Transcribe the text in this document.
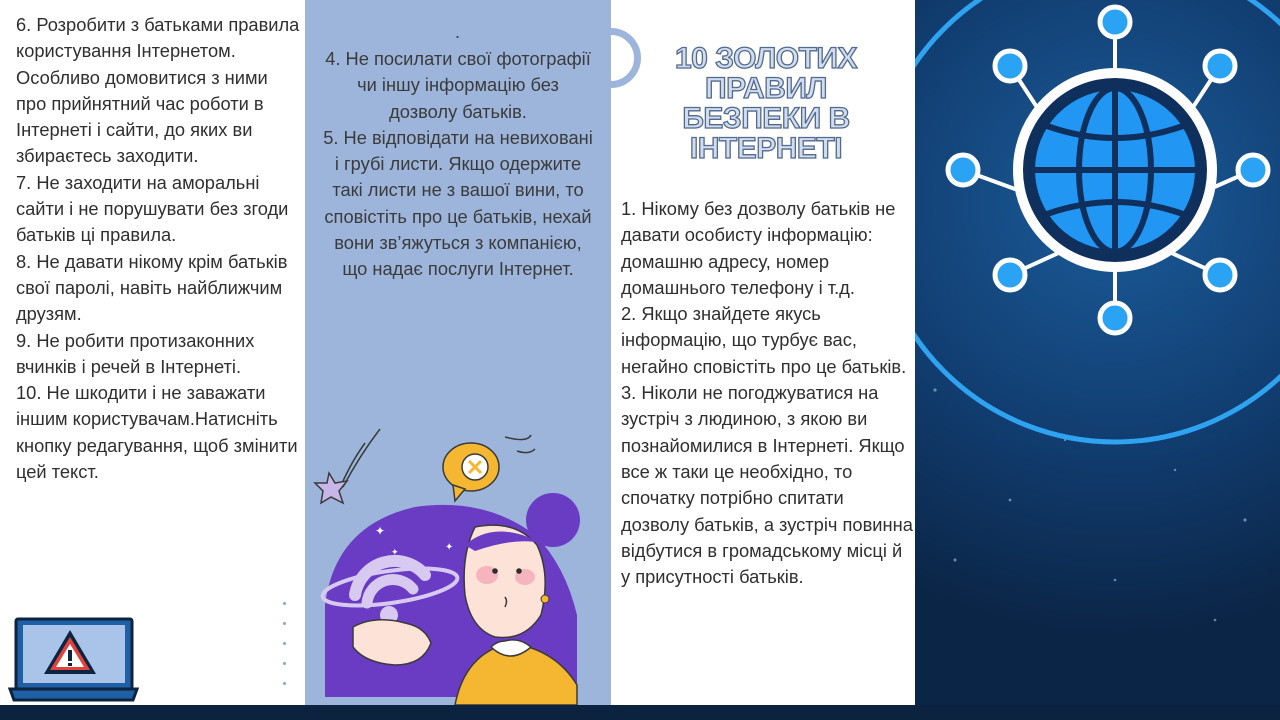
6. Розробити з батьками правила користування Інтернетом. Особливо домовитися з ними про прийнятний час роботи в Інтернеті і сайти, до яких ви збираєтесь заходити.
7. Не заходити на аморальні сайти і не порушувати без згоди батьків ці правила.
8. Не давати нікому крім батьків свої паролі, навіть найближчим друзям.
9. Не робити протизаконних вчинків і речей в Інтернеті.
10. Не шкодити і не заважати іншим користувачам.Натисніть кнопку редагування, щоб змінити цей текст.
.
4. Не посилати свої фотографії чи іншу інформацію без дозволу батьків.
5. Не відповідати на невиховані і грубі листи. Якщо одержите такі листи не з вашої вини, то сповістіть про це батьків, нехай вони зв’яжуться з компанією, що надає послуги Інтернет.
✦
✦
✦
10 ЗОЛОТИХ
ПРАВИЛ
БЕЗПЕКИ В
ІНТЕРНЕТІ
1. Нікому без дозволу батьків не давати особисту інформацію: домашню адресу, номер домашнього телефону і т.д.
2. Якщо знайдете якусь інформацію, що турбує вас, негайно сповістіть про це батьків.
3. Ніколи не погоджуватися на зустріч з людиною, з якою ви познайомилися в Інтернеті. Якщо все ж таки це необхідно, то спочатку потрібно спитати дозволу батьків, а зустріч повинна відбутися в громадському місці й у присутності батьків.
